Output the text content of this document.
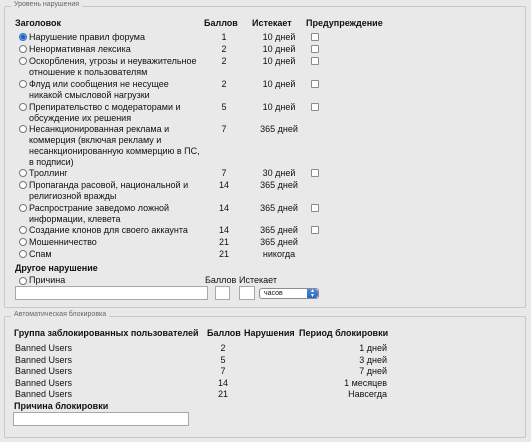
Уровень нарушения
Заголовок	Баллов Истекает Предупреждение
Нарушение правил форума	1	10 дней
Ненормативная лексика	2	10 дней
Оскорбления, угрозы и неуважительное отношение к пользователям
2	10 дней
Флуд или сообщения не несущее никакой смысловой нагрузки
2	10 дней
Препирательство с модераторами и обсуждение их решения
5	10 дней
Несанкционированная реклама и коммерция (включая рекламу и несанкционированную коммерцию в ПС, в подписи)
7	365 дней
Троллинг	7	30 дней
Пропаганда расовой, национальной и религиозной вражды
14	365 дней
Распространие заведомо ложной информации, клевета
14	365 дней
Создание клонов для своего аккаунта	14	365 дней
Мошенничество	21	365 дней
Спам	21	никогда
Другое нарушение
Причина	Баллов Истекает
часов	▴
▾
Автоматическая блокировка
Группа заблокированных пользователей Баллов Нарушения Период блокировки
Banned Users	2	1 дней
Banned Users	5	3 дней
Banned Users	7	7 дней
Banned Users	14	1 месяцев
Banned Users	21	Навсегда
Причина блокировки
